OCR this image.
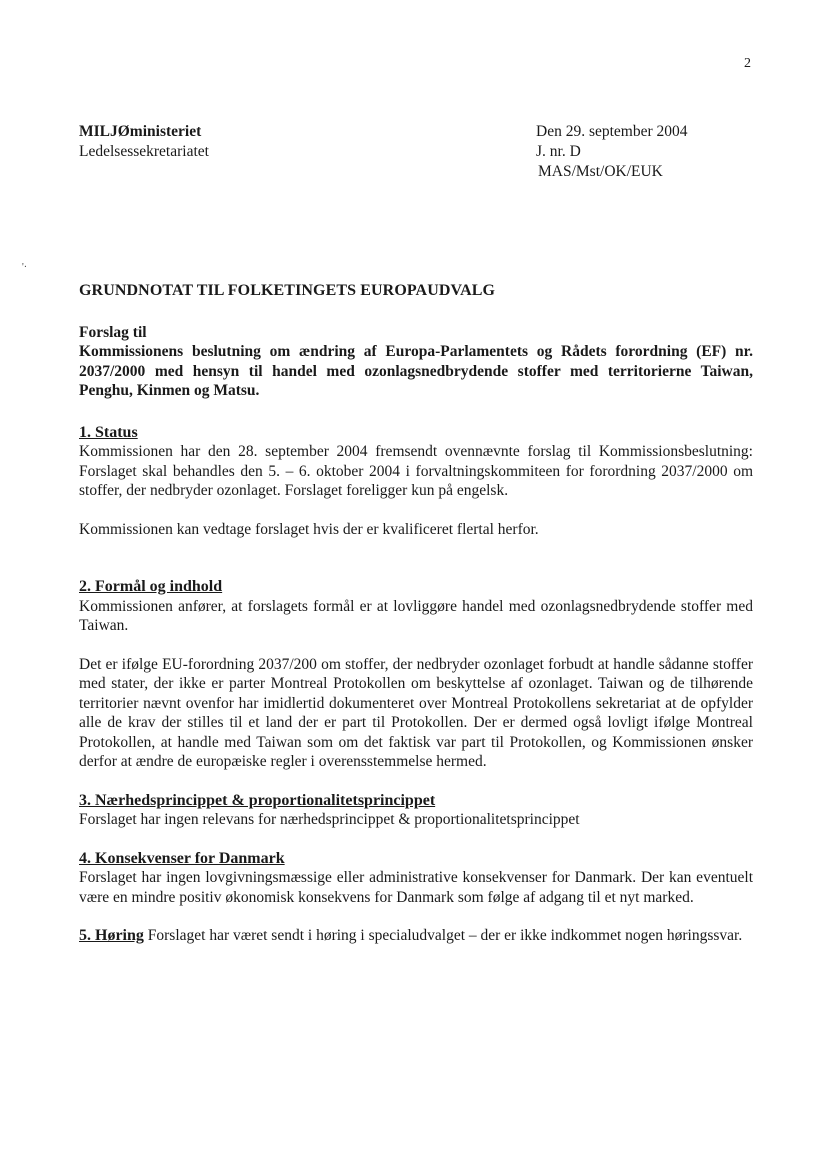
2
MILJØministeriet
Ledelsessekretariatet
Den 29. september 2004
J. nr. D
MAS/Mst/OK/EUK
'·
GRUNDNOTAT TIL FOLKETINGETS EUROPAUDVALG
Forslag til
Kommissionens beslutning om ændring af Europa-Parlamentets og Rådets forordning (EF) nr. 2037/2000 med hensyn til handel med ozonlagsnedbrydende stoffer med territorierne Taiwan, Penghu, Kinmen og Matsu.
1. Status

Kommissionen har den 28. september 2004 fremsendt ovennævnte forslag til Kommissionsbeslutning: Forslaget skal behandles den 5. – 6. oktober 2004 i forvaltningskommiteen for forordning 2037/2000 om stoffer, der nedbryder ozonlaget. Forslaget foreligger kun på engelsk.

Kommissionen kan vedtage forslaget hvis der er kvalificeret flertal herfor.

2. Formål og indhold

Kommissionen anfører, at forslagets formål er at lovliggøre handel med ozonlagsnedbrydende stoffer med Taiwan.

Det er ifølge EU-forordning 2037/200 om stoffer, der nedbryder ozonlaget forbudt at handle sådanne stoffer med stater, der ikke er parter Montreal Protokollen om beskyttelse af ozonlaget. Taiwan og de tilhørende territorier nævnt ovenfor har imidlertid dokumenteret over Montreal Protokollens sekretariat at de opfylder alle de krav der stilles til et land der er part til Protokollen. Der er dermed også lovligt ifølge Montreal Protokollen, at handle med Taiwan som om det faktisk var part til Protokollen, og Kommissionen ønsker derfor at ændre de europæiske regler i overensstemmelse hermed.

3. Nærhedsprincippet & proportionalitetsprincippet

Forslaget har ingen relevans for nærhedsprincippet & proportionalitetsprincippet

4. Konsekvenser for Danmark

Forslaget har ingen lovgivningsmæssige eller administrative konsekvenser for Danmark. Der kan eventuelt være en mindre positiv økonomisk konsekvens for Danmark som følge af adgang til et nyt marked.

5. Høring Forslaget har været sendt i høring i specialudvalget – der er ikke indkommet nogen høringssvar.
